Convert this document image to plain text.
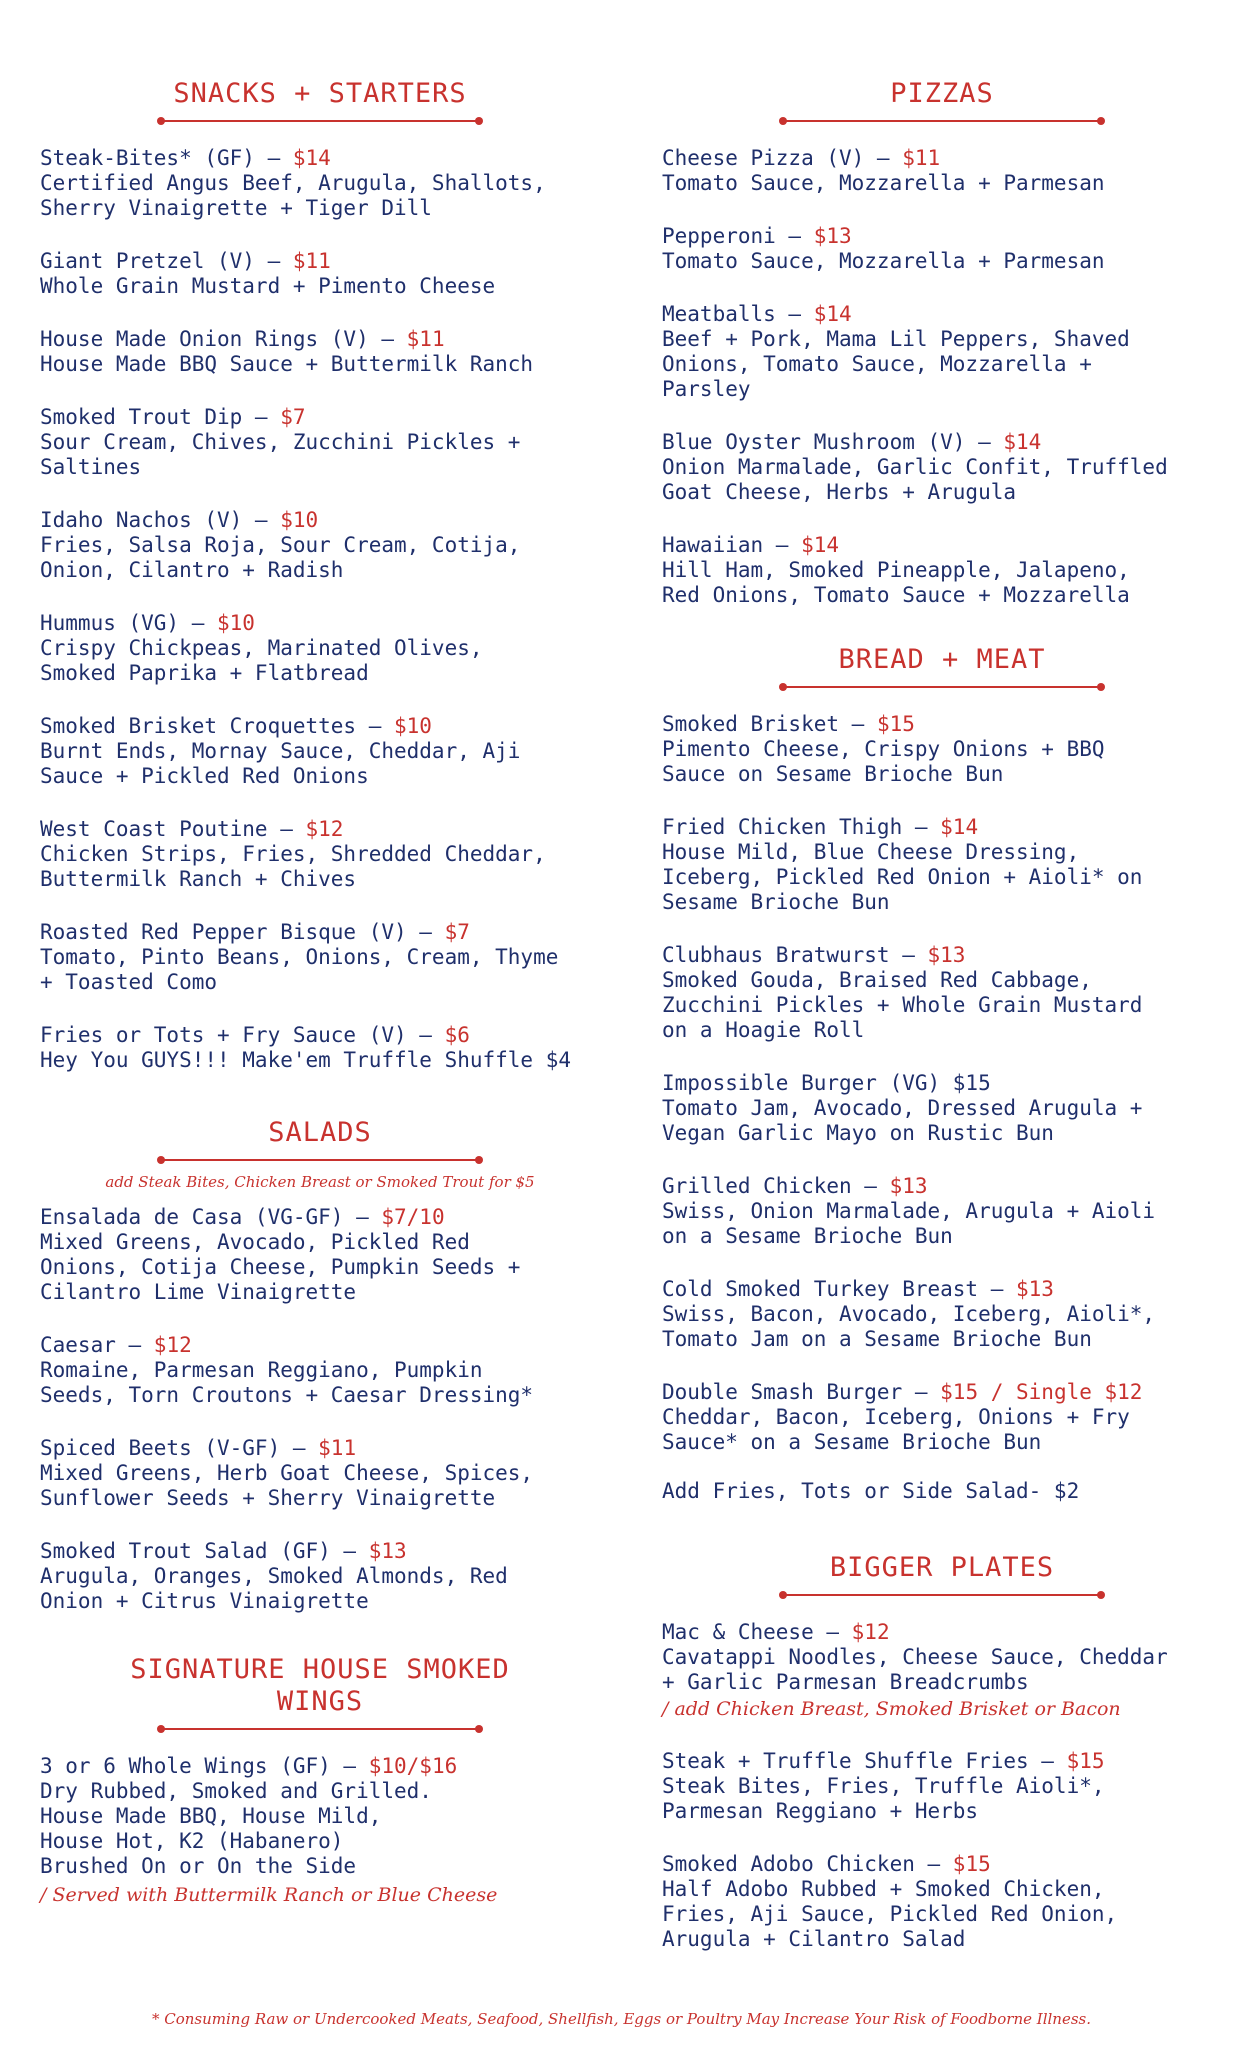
SNACKS + STARTERS
Steak-Bites* (GF) — $14
Certified Angus Beef, Arugula, Shallots,
Sherry Vinaigrette + Tiger Dill
Giant Pretzel (V) — $11
Whole Grain Mustard + Pimento Cheese
House Made Onion Rings (V) — $11
House Made BBQ Sauce + Buttermilk Ranch
Smoked Trout Dip — $7
Sour Cream, Chives, Zucchini Pickles +
Saltines
Idaho Nachos (V) — $10
Fries, Salsa Roja, Sour Cream, Cotija,
Onion, Cilantro + Radish
Hummus (VG) — $10
Crispy Chickpeas, Marinated Olives,
Smoked Paprika + Flatbread
Smoked Brisket Croquettes — $10
Burnt Ends, Mornay Sauce, Cheddar, Aji
Sauce + Pickled Red Onions
West Coast Poutine — $12
Chicken Strips, Fries, Shredded Cheddar,
Buttermilk Ranch + Chives
Roasted Red Pepper Bisque (V) — $7
Tomato, Pinto Beans, Onions, Cream, Thyme
+ Toasted Como
Fries or Tots + Fry Sauce (V) — $6
Hey You GUYS!!! Make'em Truffle Shuffle $4
SALADS
add Steak Bites, Chicken Breast or Smoked Trout for $5
Ensalada de Casa (VG-GF) — $7/10
Mixed Greens, Avocado, Pickled Red
Onions, Cotija Cheese, Pumpkin Seeds +
Cilantro Lime Vinaigrette
Caesar — $12
Romaine, Parmesan Reggiano, Pumpkin
Seeds, Torn Croutons + Caesar Dressing*
Spiced Beets (V-GF) — $11
Mixed Greens, Herb Goat Cheese, Spices,
Sunflower Seeds + Sherry Vinaigrette
Smoked Trout Salad (GF) — $13
Arugula, Oranges, Smoked Almonds, Red
Onion + Citrus Vinaigrette
SIGNATURE HOUSE SMOKED
WINGS
3 or 6 Whole Wings (GF) — $10/$16
Dry Rubbed, Smoked and Grilled.
House Made BBQ, House Mild,
House Hot, K2 (Habanero)
Brushed On or On the Side
/ Served with Buttermilk Ranch or Blue Cheese
PIZZAS
Cheese Pizza (V) — $11
Tomato Sauce, Mozzarella + Parmesan
Pepperoni — $13
Tomato Sauce, Mozzarella + Parmesan
Meatballs — $14
Beef + Pork, Mama Lil Peppers, Shaved
Onions, Tomato Sauce, Mozzarella +
Parsley
Blue Oyster Mushroom (V) — $14
Onion Marmalade, Garlic Confit, Truffled
Goat Cheese, Herbs + Arugula
Hawaiian — $14
Hill Ham, Smoked Pineapple, Jalapeno,
Red Onions, Tomato Sauce + Mozzarella
BREAD + MEAT
Smoked Brisket — $15
Pimento Cheese, Crispy Onions + BBQ
Sauce on Sesame Brioche Bun
Fried Chicken Thigh — $14
House Mild, Blue Cheese Dressing,
Iceberg, Pickled Red Onion + Aioli* on
Sesame Brioche Bun
Clubhaus Bratwurst — $13
Smoked Gouda, Braised Red Cabbage,
Zucchini Pickles + Whole Grain Mustard
on a Hoagie Roll
Impossible Burger (VG) $15
Tomato Jam, Avocado, Dressed Arugula +
Vegan Garlic Mayo on Rustic Bun
Grilled Chicken — $13
Swiss, Onion Marmalade, Arugula + Aioli
on a Sesame Brioche Bun
Cold Smoked Turkey Breast — $13
Swiss, Bacon, Avocado, Iceberg, Aioli*,
Tomato Jam on a Sesame Brioche Bun
Double Smash Burger — $15 / Single $12
Cheddar, Bacon, Iceberg, Onions + Fry
Sauce* on a Sesame Brioche Bun
Add Fries, Tots or Side Salad- $2
BIGGER PLATES
Mac & Cheese — $12
Cavatappi Noodles, Cheese Sauce, Cheddar
+ Garlic Parmesan Breadcrumbs
/ add Chicken Breast, Smoked Brisket or Bacon
Steak + Truffle Shuffle Fries — $15
Steak Bites, Fries, Truffle Aioli*,
Parmesan Reggiano + Herbs
Smoked Adobo Chicken — $15
Half Adobo Rubbed + Smoked Chicken,
Fries, Aji Sauce, Pickled Red Onion,
Arugula + Cilantro Salad
* Consuming Raw or Undercooked Meats, Seafood, Shellfish, Eggs or Poultry May Increase Your Risk of Foodborne Illness.
